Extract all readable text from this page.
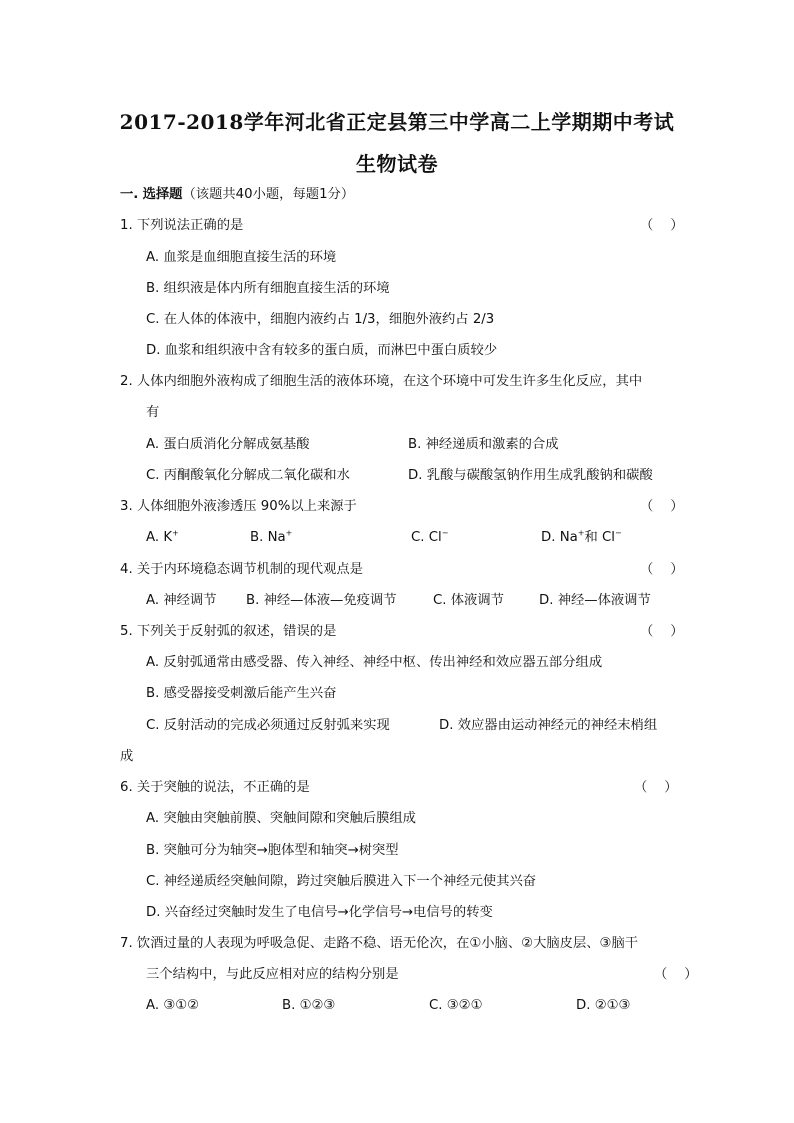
2017-2018学年河北省正定县第三中学高二上学期期中考试
生物试卷
一. 选择题（该题共40小题，每题1分）
1. 下列说法正确的是	（    ）
A. 血浆是血细胞直接生活的环境
B. 组织液是体内所有细胞直接生活的环境
C. 在人体的体液中，细胞内液约占 1/3，细胞外液约占 2/3
D. 血浆和组织液中含有较多的蛋白质，而淋巴中蛋白质较少
2. 人体内细胞外液构成了细胞生活的液体环境，在这个环境中可发生许多生化反应，其中
有
A. 蛋白质消化分解成氨基酸	B. 神经递质和激素的合成
C. 丙酮酸氧化分解成二氧化碳和水	D. 乳酸与碳酸氢钠作用生成乳酸钠和碳酸
3. 人体细胞外液渗透压 90%以上来源于	（    ）
A. K+	B. Na+	C. Cl−	D. Na+和 Cl−
4. 关于内环境稳态调节机制的现代观点是	（    ）
A. 神经调节 B. 神经—体液—免疫调节	C. 体液调节	D. 神经—体液调节
5. 下列关于反射弧的叙述，错误的是	（    ）
A. 反射弧通常由感受器、传入神经、神经中枢、传出神经和效应器五部分组成
B. 感受器接受刺激后能产生兴奋
C. 反射活动的完成必须通过反射弧来实现	D. 效应器由运动神经元的神经末梢组
成
6. 关于突触的说法，不正确的是	（    ）
A. 突触由突触前膜、突触间隙和突触后膜组成
B. 突触可分为轴突→胞体型和轴突→树突型
C. 神经递质经突触间隙，跨过突触后膜进入下一个神经元使其兴奋
D. 兴奋经过突触时发生了电信号→化学信号→电信号的转变
7. 饮酒过量的人表现为呼吸急促、走路不稳、语无伦次，在①小脑、②大脑皮层、③脑干
三个结构中，与此反应相对应的结构分别是	（    ）
A. ③①②	B. ①②③	C. ③②①	D. ②①③
